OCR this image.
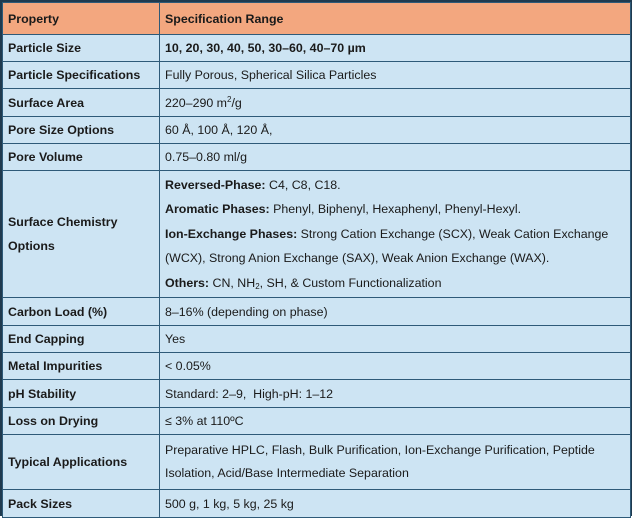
Property	Specification Range
Particle Size	10, 20, 30, 40, 50, 30–60, 40–70 µm
Particle Specifications	Fully Porous, Spherical Silica Particles
Surface Area	220–290 $m^2/g$
Pore Size Options	60 Å, 100 Å, 120 Å,
Pore Volume	0.75–0.80 ml/g

Surface Chemistry Options	Reversed-Phase: C4, C8, C18.
Aromatic Phases: Phenyl, Biphenyl, Hexaphenyl, Phenyl-Hexyl.
Ion-Exchange Phases: Strong Cation Exchange (SCX), Weak Cation Exchange
(WCX), Strong Anion Exchange (SAX), Weak Anion Exchange (WAX).
Others: CN, $NH_2$, SH, & Custom Functionalization

Carbon Load (%)	8–16% (depending on phase)
End Capping	Yes
Metal Impurities	< 0.05%
pH Stability	Standard: 2–9,  High-pH: 1–12
Loss on Drying	≤ 3% at 110ºC
Typical Applications	Preparative HPLC, Flash, Bulk Purification, Ion-Exchange Purification, Peptide
Isolation, Acid/Base Intermediate Separation

Pack Sizes	500 g, 1 kg, 5 kg, 25 kg
